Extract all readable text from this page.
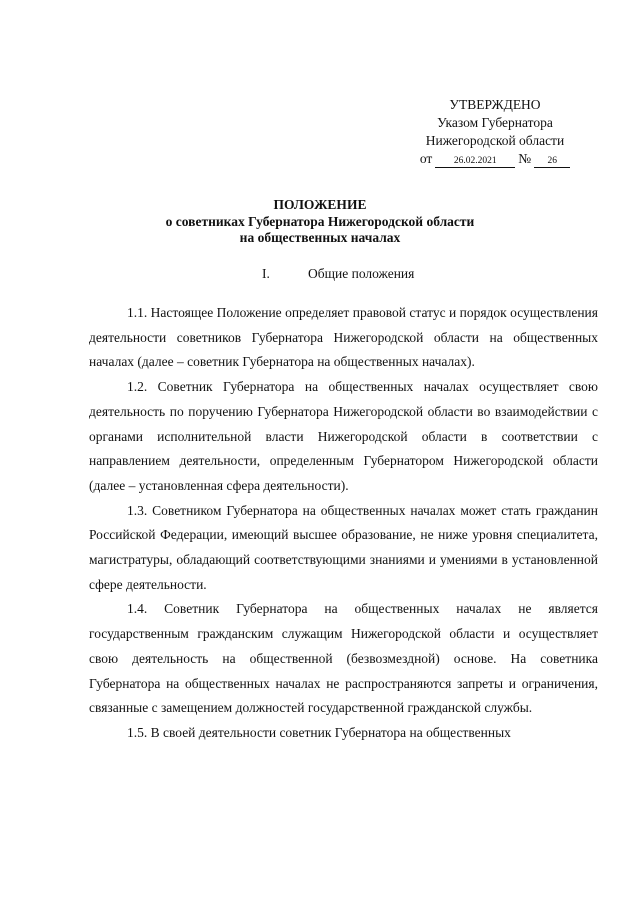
УТВЕРЖДЕНО
Указом Губернатора
Нижегородской области
от	26.02.2021	№	26
ПОЛОЖЕНИЕ
о советниках Губернатора Нижегородской области
на общественных началах
I.	Общие положения

1.1. Настоящее Положение определяет правовой статус и порядок осуществления деятельности советников Губернатора Нижегородской области на общественных началах (далее – советник Губернатора на общественных началах).

1.2. Советник Губернатора на общественных началах осуществляет свою деятельность по поручению Губернатора Нижегородской области во взаимодействии с органами исполнительной власти Нижегородской области в соответствии с направлением деятельности, определенным Губернатором Нижегородской области (далее – установленная сфера деятельности).

1.3. Советником Губернатора на общественных началах может стать гражданин Российской Федерации, имеющий высшее образование, не ниже уровня специалитета, магистратуры, обладающий соответствующими знаниями и умениями в установленной сфере деятельности.

1.4. Советник Губернатора на общественных началах не является государственным гражданским служащим Нижегородской области и осуществляет свою деятельность на общественной (безвозмездной) основе. На советника Губернатора на общественных началах не распространяются запреты и ограничения, связанные с замещением должностей государственной гражданской службы.

1.5. В своей деятельности советник Губернатора на общественных
